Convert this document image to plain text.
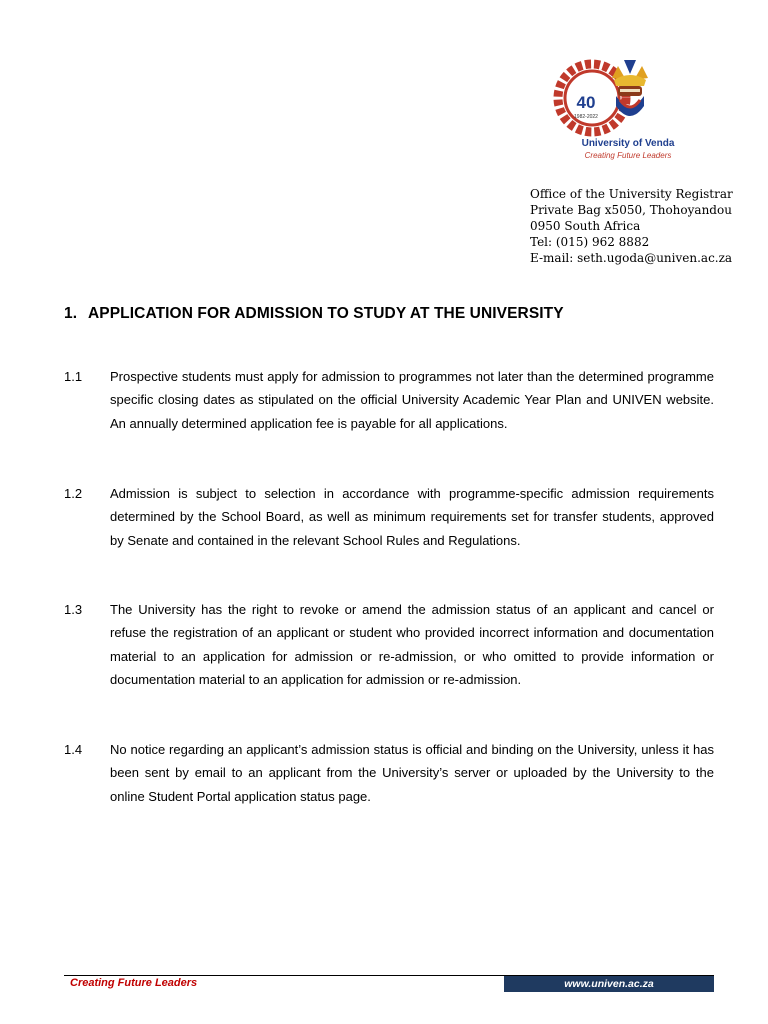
40
1982-2022
University of Venda
Creating Future Leaders
Office of the University Registrar
Private Bag x5050, Thohoyandou
0950 South Africa
Tel: (015) 962 8882
E-mail: seth.ugoda@univen.ac.za
1. APPLICATION FOR ADMISSION TO STUDY AT THE UNIVERSITY
1.1 Prospective students must apply for admission to programmes not later than the determined programme specific closing dates as stipulated on the official University Academic Year Plan and UNIVEN website. An annually determined application fee is payable for all applications.
1.2 Admission is subject to selection in accordance with programme-specific admission requirements determined by the School Board, as well as minimum requirements set for transfer students, approved by Senate and contained in the relevant School Rules and Regulations.
1.3 The University has the right to revoke or amend the admission status of an applicant and cancel or refuse the registration of an applicant or student who provided incorrect information and documentation material to an application for admission or re-admission, or who omitted to provide information or documentation material to an application for admission or re-admission.
1.4 No notice regarding an applicant’s admission status is official and binding on the University, unless it has been sent by email to an applicant from the University’s server or uploaded by the University to the online Student Portal application status page.
Creating Future Leaders	www.univen.ac.za
